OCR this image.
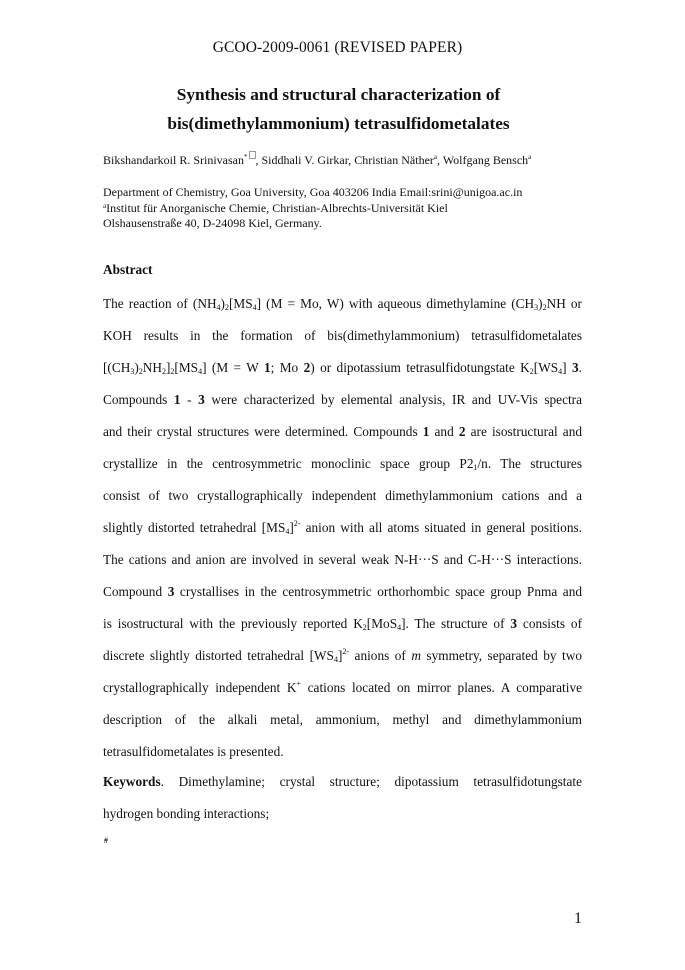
GCOO-2009-0061 (REVISED PAPER)
Synthesis and structural characterization of
bis(dimethylammonium) tetrasulfidometalates
Bikshandarkoil R. Srinivasan* , Siddhali V. Girkar, Christian Näther$^a$, Wolfgang Bensch$^a$
Department of Chemistry, Goa University, Goa 403206 India Email:srini@unigoa.ac.in
$^a$Institut für Anorganische Chemie, Christian-Albrechts-Universität Kiel
Olshausenstraße 40, D-24098 Kiel, Germany.
Abstract
The reaction of $(NH_4)_2[MS_4] (M = Mo$, W) with aqueous dimethylamine $(CH_3)_2NH$ or
KOH results in the formation of bis(dimethylammonium) tetrasulfidometalates
$[(CH_3)_2NH_2]_2[MS_4] (M = W$ 1; Mo 2) or dipotassium tetrasulfidotungstate $K_2[WS_4]$ 3.
Compounds 1 - 3 were characterized by elemental analysis, IR and UV-Vis spectra
and their crystal structures were determined. Compounds 1 and 2 are isostructural and
crystallize in the centrosymmetric monoclinic space group $P2_1/n$. The structures
consist of two crystallographically independent dimethylammonium cations and a
slightly distorted tetrahedral $[MS_4]^{2-}$ anion with all atoms situated in general positions.
The cations and anion are involved in several weak N-H···S and C-H···S interactions.
Compound 3 crystallises in the centrosymmetric orthorhombic space group Pnma and
is isostructural with the previously reported $K_2[MoS_4]$. The structure of 3 consists of
discrete slightly distorted tetrahedral $[WS_4]^{2-}$ anions of m symmetry, separated by two
crystallographically independent K+ cations located on mirror planes. A comparative
description of the alkali metal, ammonium, methyl and dimethylammonium
tetrasulfidometalates is presented.
Keywords. Dimethylamine; crystal structure; dipotassium tetrasulfidotungstate
hydrogen bonding interactions;
#
1
